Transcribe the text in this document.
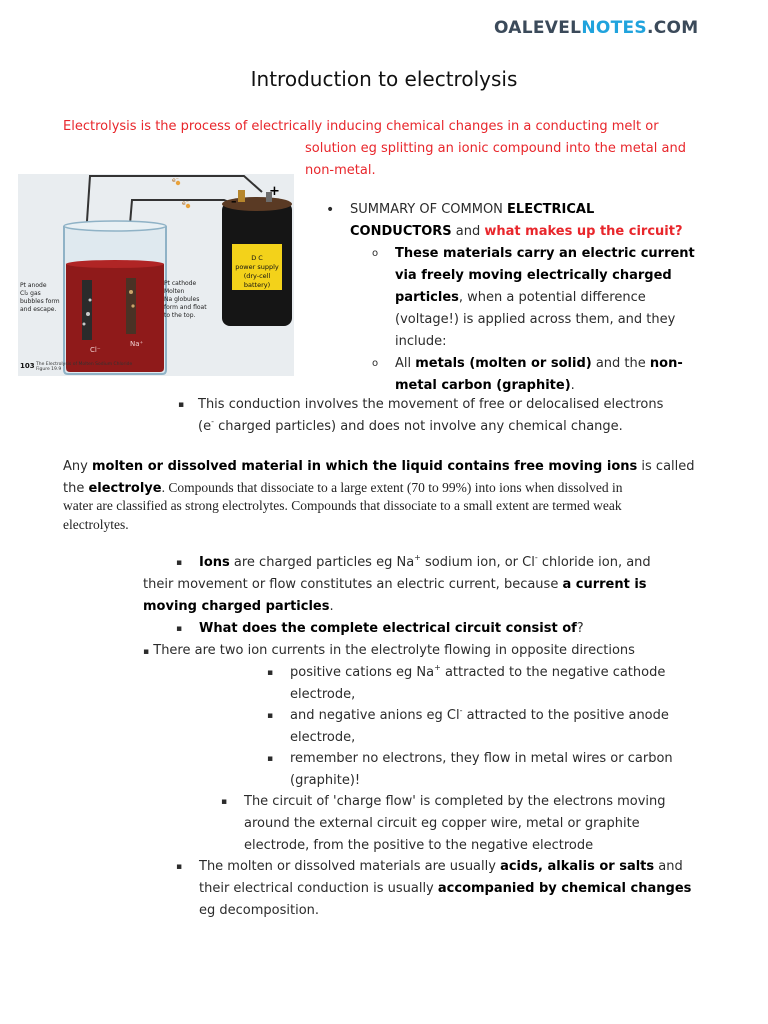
OALEVELNOTES.COM
Introduction to electrolysis
Electrolysis is the process of electrically inducing chemical changes in a conducting melt or
solution eg splitting an ionic compound into the metal and
non-metal.
+
–
e⁻
e⁻
D C
power supply
(dry-cell battery)
Pt anode
Cl₂ gas
bubbles form
and escape.
Pt cathode
Molten
Na globules
form and float
to the top.
Cl⁻
Na⁺
103 The Electrolysis of Molten Sodium Chloride
Figure 19.9
• SUMMARY OF COMMON ELECTRICAL
CONDUCTORS and what makes up the circuit?
o These materials carry an electric current
via freely moving electrically charged
particles, when a potential difference
(voltage!) is applied across them, and they
include:
o All metals (molten or solid) and the non-
metal carbon (graphite).
▪ This conduction involves the movement of free or delocalised electrons
(e- charged particles) and does not involve any chemical change.
Any molten or dissolved material in which the liquid contains free moving ions is called
the electrolye. Compounds that dissociate to a large extent (70 to 99%) into ions when dissolved in
water are classified as strong electrolytes. Compounds that dissociate to a small extent are termed weak
electrolytes.
▪ Ions are charged particles eg Na+ sodium ion, or Cl- chloride ion, and
their movement or flow constitutes an electric current, because a current is
moving charged particles.
▪ What does the complete electrical circuit consist of?
▪ There are two ion currents in the electrolyte flowing in opposite directions
▪ positive cations eg Na+ attracted to the negative cathode
electrode,
▪ and negative anions eg Cl- attracted to the positive anode
electrode,
▪ remember no electrons, they flow in metal wires or carbon
(graphite)!
▪ The circuit of 'charge flow' is completed by the electrons moving
around the external circuit eg copper wire, metal or graphite
electrode, from the positive to the negative electrode
▪ The molten or dissolved materials are usually acids, alkalis or salts and
their electrical conduction is usually accompanied by chemical changes
eg decomposition.
